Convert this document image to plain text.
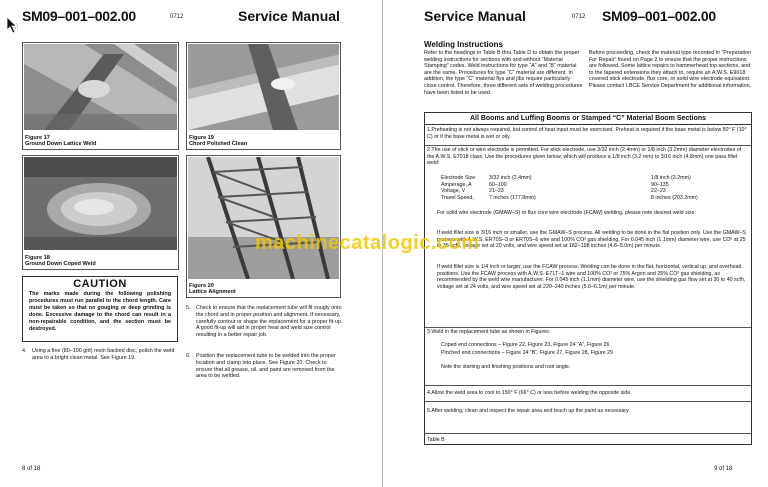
SM09–001–002.00	0712	Service Manual
Figure 17
Ground Down Lattice Weld
Figure 18
Ground Down Coped Weld
Figure 19
Chord Polished Clean
Figure 20
Lattice Alignment
CAUTION
The marks made during the following polishing procedures must run parallel to the chord length. Care must be taken so that no gouging or deep grinding is done. Excessive damage to the chord can result in a non-repairable condition, and the section must be destroyed.
4. Using a fine (80–100 grit) resin backed disc, polish the weld area to a bright clean metal. See Figure 19.
5. Check to ensure that the replacement tube will fit snugly onto the chord and in proper position and alignment. If necessary, carefully contour or shape the replacement for a proper fit-up. A good fit-up will aid in proper heat and weld size control resulting in a better repair job.
6. Position the replacement tube to be welded into the proper location and clamp into place. See Figure 20. Check to ensure that all grease, oil, and paint are removed from the area to be welded.
8 of 18
Service Manual	0712 SM09–001–002.00
9 of 18
Welding Instructions
Refer to the headings in Table B thru Table D to obtain the proper welding instructions for sections with and without “Material Stamping” codes. Weld instructions for type “A” and “B” material are the same. Procedures for type “C” material are different. In addition, the type “C” material flys and jibs require particularly close control. Therefore, three different sets of welding procedures have been listed to be used.
Before proceeding, check the material type recorded in “Preparation For Repair” found on Page 2 to ensure that the proper instructions are followed. Some lattice repairs to hammerhead top sections, and to the tapered extensions they attach to, require an A.W.S. E9018 covered stick electrode, flux core, or solid wire electrode equivalent. Please contact LBCE Service Department for additional information.
All Booms and Luffing Booms or Stamped “C” Material Boom Sections
1.Preheating is not always required, but control of heat input must be exercised. Preheat is required if the base metal is below 50° F (10° C) or if the base metal is wet or oily.
2.The use of stick or wire electrode is permitted. For stick electrode, use 3/32 inch (2.4mm) or 1/8 inch (3.2mm) diameter electrodes of the A.W.S. E7018 class. Use the procedures given below, which will produce a 1/8 inch (3.2 mm) to 3/16 inch (4.8mm) one pass fillet weld:
Electrode Size	3/32 inch (2.4mm)	1/8 inch (3.2mm)
Amperage, A	60–100	90–135
Voltage, V	21–23	22–23
Travel Speed,	7 inches (177.8mm)	8 inches (203.2mm)
For solid wire electrode (GMAW–S) or flux core wire electrode (FCAW) welding, please note desired weld size:
If weld fillet size is 3/16 inch or smaller, use the GMAW–S process. All welding to be done in the flat position only. Use the GMAW–S process with A.W.S. ER70S–3 or ER70S–6 wire and 100% CO² gas shielding. For 0.045 inch (1.1mm) diameter wire, use CO² at 25 to 35 scfh, voltage set at 20 volts, and wire speed set at 182–198 inches (4.6–5.0m) per minute.
If weld fillet size is 1/4 inch or larger, use the FCAW process. Welding can be done in the flat, horizontal, vertical up, and overhead positions. Use the FCAW process with A.W.S. E71T–1 wire and 100% CO² or 75% Argon and 25% CO² gas shielding, as recommended by the weld wire manufacturer. For 0.045 inch (1.1mm) diameter wire, use the shielding gas flow set at 30 to 40 scfh, voltage set at 24 volts, and wire speed set at 220–240 inches (5.6–6.1m) per minute.
3.Weld in the replacement tube as shown in Figures:
Coped end connections – Figure 22, Figure 23, Figure 24 “A”, Figure 26
Pinched end connections – Figure 24 “B”, Figure 27, Figure 28, Figure 29
Note the starting and finishing positions and root angle.
4.Allow the weld area to cool to 150° F (66° C) or less before welding the opposite side.
5.After welding, clean and inspect the repair area and touch up the paint as necessary.
Table B
machinecatalogic.com
